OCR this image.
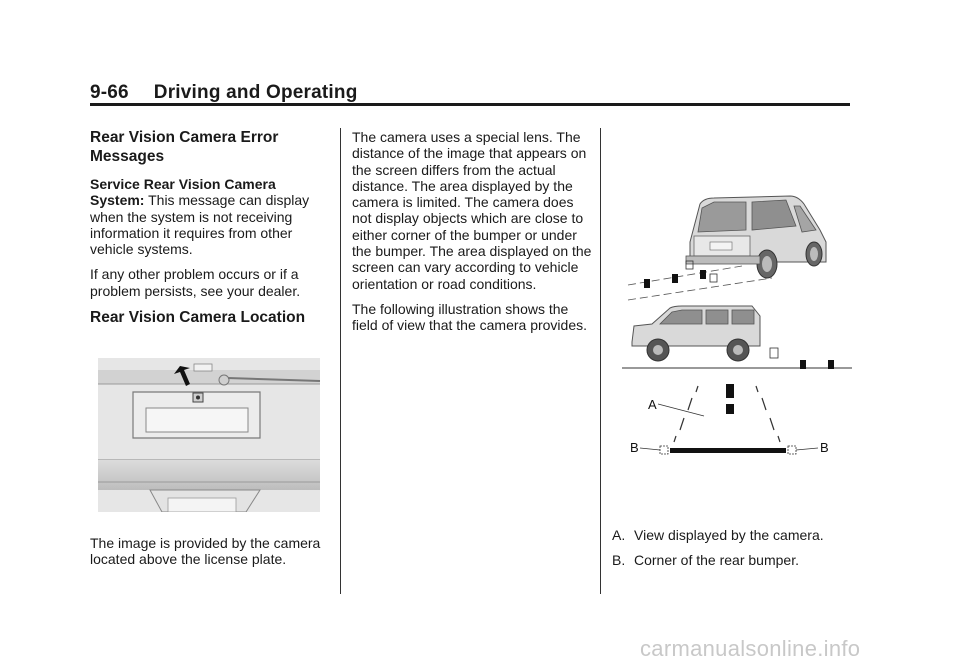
9-66 Driving and Operating
Rear Vision Camera Error Messages

Service Rear Vision Camera System: This message can display when the system is not receiving information it requires from other vehicle systems.

If any other problem occurs or if a problem persists, see your dealer.

Rear Vision Camera Location

The image is provided by the camera located above the license plate.

The camera uses a special lens. The distance of the image that appears on the screen differs from the actual distance. The area displayed by the camera is limited. The camera does not display objects which are close to either corner of the bumper or under the bumper. The area displayed on the screen can vary according to vehicle orientation or road conditions.

The following illustration shows the field of view that the camera provides.

A
B	B
A. View displayed by the camera.
B. Corner of the rear bumper.
carmanualsonline.info
